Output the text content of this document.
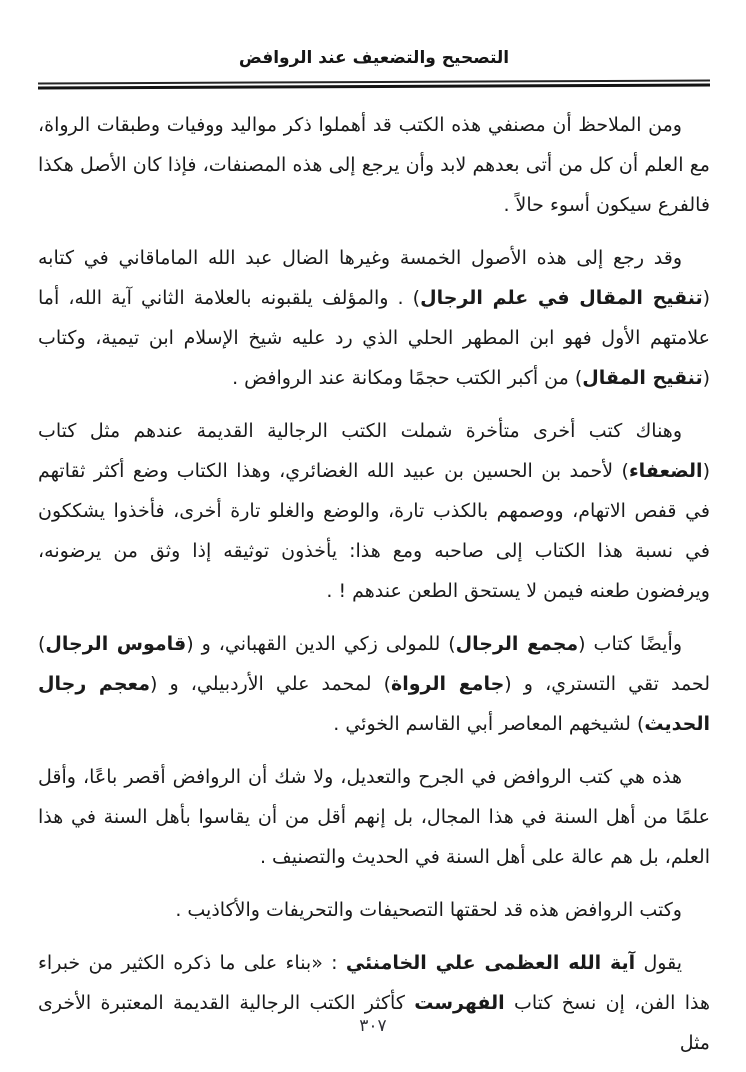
التصحيح والتضعيف عند الروافض

ومن الملاحظ أن مصنفي هذه الكتب قد أهملوا ذكر مواليد ووفيات وطبقات الرواة، مع العلم أن كل من أتى بعدهم لابد وأن يرجع إلى هذه المصنفات، فإذا كان الأصل هكذا فالفرع سيكون أسوء حالاً .

وقد رجع إلى هذه الأصول الخمسة وغيرها الضال عبد الله الماماقاني في كتابه (تنقيح المقال في علم الرجال) . والمؤلف يلقبونه بالعلامة الثاني آية الله، أما علامتهم الأول فهو ابن المطهر الحلي الذي رد عليه شيخ الإسلام ابن تيمية، وكتاب (تنقيح المقال) من أكبر الكتب حجمًا ومكانة عند الروافض .

وهناك كتب أخرى متأخرة شملت الكتب الرجالية القديمة عندهم مثل كتاب (الضعفاء) لأحمد بن الحسين بن عبيد الله الغضائري، وهذا الكتاب وضع أكثر ثقاتهم في قفص الاتهام، ووصمهم بالكذب تارة، والوضع والغلو تارة أخرى، فأخذوا يشككون في نسبة هذا الكتاب إلى صاحبه ومع هذا: يأخذون توثيقه إذا وثق من يرضونه، ويرفضون طعنه فيمن لا يستحق الطعن عندهم ! .

وأيضًا كتاب (مجمع الرجال) للمولى زكي الدين القهباني، و (قاموس الرجال) لحمد تقي التستري، و (جامع الرواة) لمحمد علي الأردبيلي، و (معجم رجال الحديث) لشيخهم المعاصر أبي القاسم الخوئي .

هذه هي كتب الروافض في الجرح والتعديل، ولا شك أن الروافض أقصر باعًا، وأقل علمًا من أهل السنة في هذا المجال، بل إنهم أقل من أن يقاسوا بأهل السنة في هذا العلم، بل هم عالة على أهل السنة في الحديث والتصنيف .

وكتب الروافض هذه قد لحقتها التصحيفات والتحريفات والأكاذيب .

يقول آية الله العظمى علي الخامنئي : «بناء على ما ذكره الكثير من خبراء هذا الفن، إن نسخ كتاب الفهرست كأكثر الكتب الرجالية القديمة المعتبرة الأخرى مثل

٣٠٧
